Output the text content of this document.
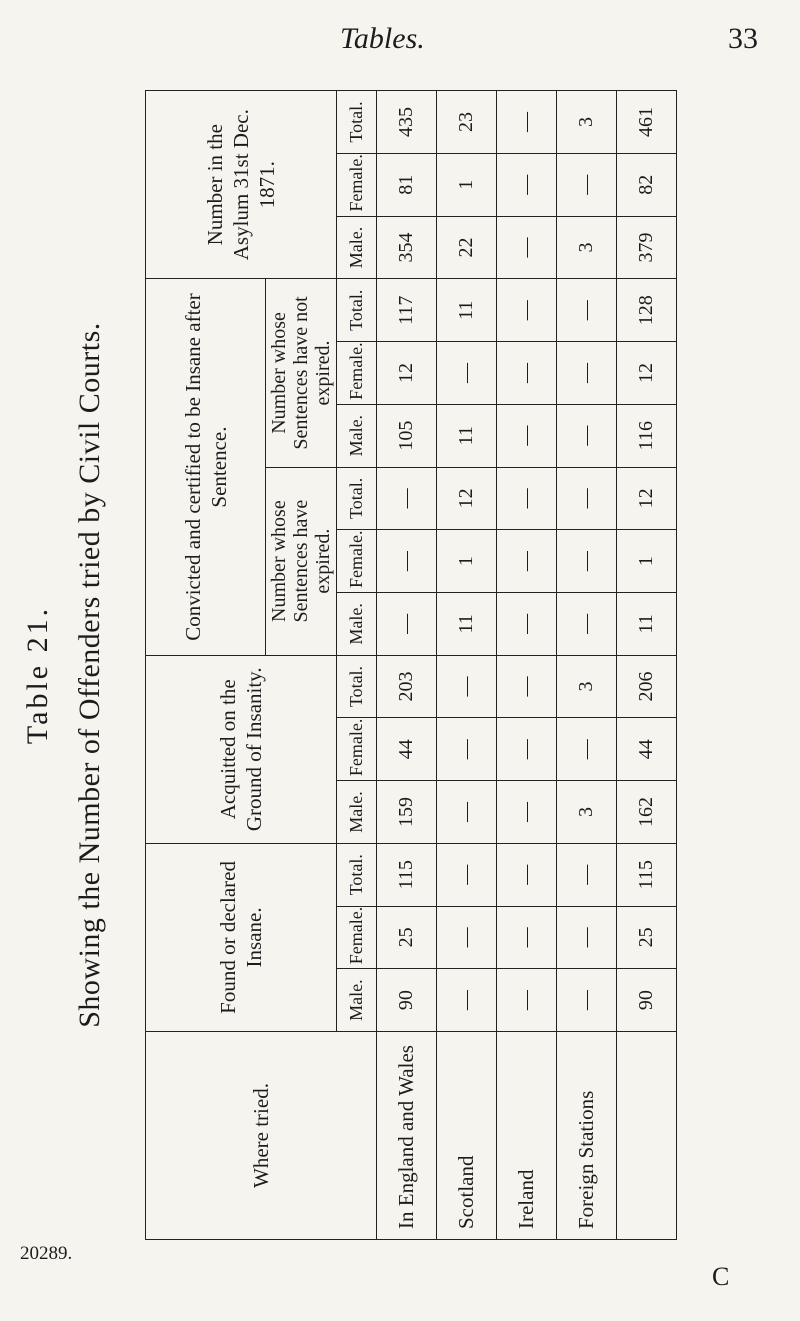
Tables.	33
Table 21. Showing the Number of Offenders tried by Civil Courts.
Where tried.	Found or declared Insane.			Acquitted on the Ground of Insanity.			Convicted and certified to be Insane after Sentence.						Number in the Asylum 31st Dec. 1871.		
							Number whose Sentences have expired.			Number whose Sentences have not expired.					
	Male.	Female.	Total.	Male.	Female.	Total.	Male.	Female.	Total.	Male.	Female.	Total.	Male.	Female.	Total.
In England and Wales	90	25	115	159	44	203	—	—	—	105	12	117	354	81	435
Scotland	—	—	—	—	—	—	11	1	12	11	—	11	22	1	23
Ireland	—	—	—	—	—	—	—	—	—	—	—	—	—	—	—
Foreign Stations	—	—	—	3	—	3	—	—	—	—	—	—	3	—	3
	90	25	115	162	44	206	11	1	12	116	12	128	379	82	461
20289.
C
